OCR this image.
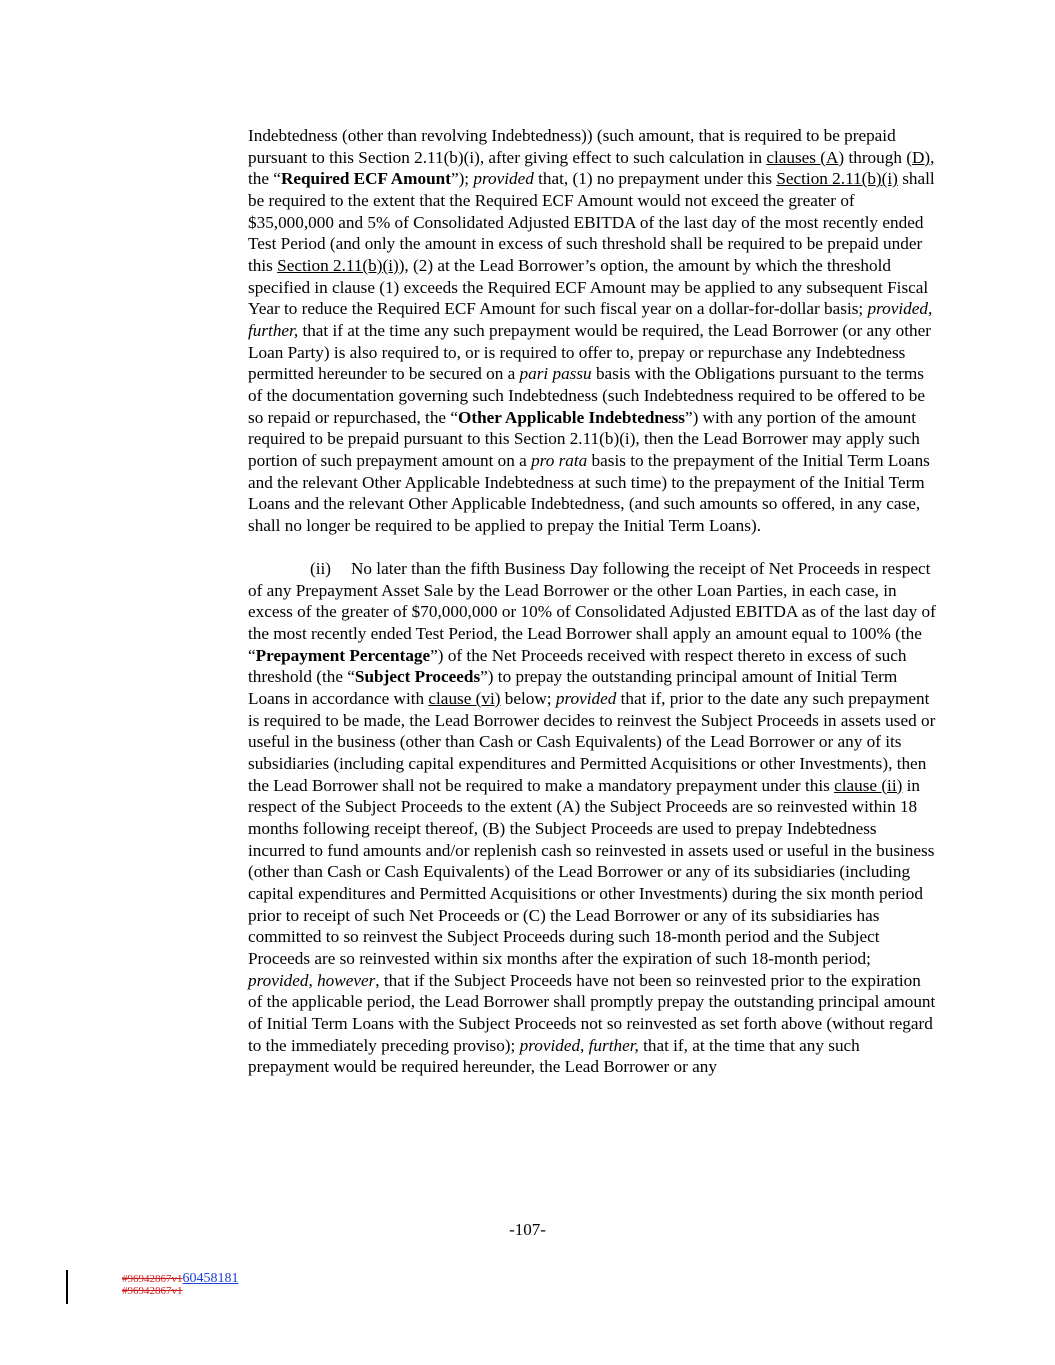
Indebtedness (other than revolving Indebtedness)) (such amount, that is required to be prepaid pursuant to this Section 2.11(b)(i), after giving effect to such calculation in clauses (A) through (D), the “Required ECF Amount”); provided that, (1) no prepayment under this Section 2.11(b)(i) shall be required to the extent that the Required ECF Amount would not exceed the greater of $35,000,000 and 5% of Consolidated Adjusted EBITDA of the last day of the most recently ended Test Period (and only the amount in excess of such threshold shall be required to be prepaid under this Section 2.11(b)(i)), (2) at the Lead Borrower’s option, the amount by which the threshold specified in clause (1) exceeds the Required ECF Amount may be applied to any subsequent Fiscal Year to reduce the Required ECF Amount for such fiscal year on a dollar-for-dollar basis; provided, further, that if at the time any such prepayment would be required, the Lead Borrower (or any other Loan Party) is also required to, or is required to offer to, prepay or repurchase any Indebtedness permitted hereunder to be secured on a pari passu basis with the Obligations pursuant to the terms of the documentation governing such Indebtedness (such Indebtedness required to be offered to be so repaid or repurchased, the “Other Applicable Indebtedness”) with any portion of the amount required to be prepaid pursuant to this Section 2.11(b)(i), then the Lead Borrower may apply such portion of such prepayment amount on a pro rata basis to the prepayment of the Initial Term Loans and the relevant Other Applicable Indebtedness at such time) to the prepayment of the Initial Term Loans and the relevant Other Applicable Indebtedness, (and such amounts so offered, in any case, shall no longer be required to be applied to prepay the Initial Term Loans).

(ii) No later than the fifth Business Day following the receipt of Net Proceeds in respect of any Prepayment Asset Sale by the Lead Borrower or the other Loan Parties, in each case, in excess of the greater of $70,000,000 or 10% of Consolidated Adjusted EBITDA as of the last day of the most recently ended Test Period, the Lead Borrower shall apply an amount equal to 100% (the “Prepayment Percentage”) of the Net Proceeds received with respect thereto in excess of such threshold (the “Subject Proceeds”) to prepay the outstanding principal amount of Initial Term Loans in accordance with clause (vi) below; provided that if, prior to the date any such prepayment is required to be made, the Lead Borrower decides to reinvest the Subject Proceeds in assets used or useful in the business (other than Cash or Cash Equivalents) of the Lead Borrower or any of its subsidiaries (including capital expenditures and Permitted Acquisitions or other Investments), then the Lead Borrower shall not be required to make a mandatory prepayment under this clause (ii) in respect of the Subject Proceeds to the extent (A) the Subject Proceeds are so reinvested within 18 months following receipt thereof, (B) the Subject Proceeds are used to prepay Indebtedness incurred to fund amounts and/or replenish cash so reinvested in assets used or useful in the business (other than Cash or Cash Equivalents) of the Lead Borrower or any of its subsidiaries (including capital expenditures and Permitted Acquisitions or other Investments) during the six month period prior to receipt of such Net Proceeds or (C) the Lead Borrower or any of its subsidiaries has committed to so reinvest the Subject Proceeds during such 18-month period and the Subject Proceeds are so reinvested within six months after the expiration of such 18-month period; provided, however, that if the Subject Proceeds have not been so reinvested prior to the expiration of the applicable period, the Lead Borrower shall promptly prepay the outstanding principal amount of Initial Term Loans with the Subject Proceeds not so reinvested as set forth above (without regard to the immediately preceding proviso); provided, further, that if, at the time that any such prepayment would be required hereunder, the Lead Borrower or any

-107-
#96942867v160458181
#96942867v1
